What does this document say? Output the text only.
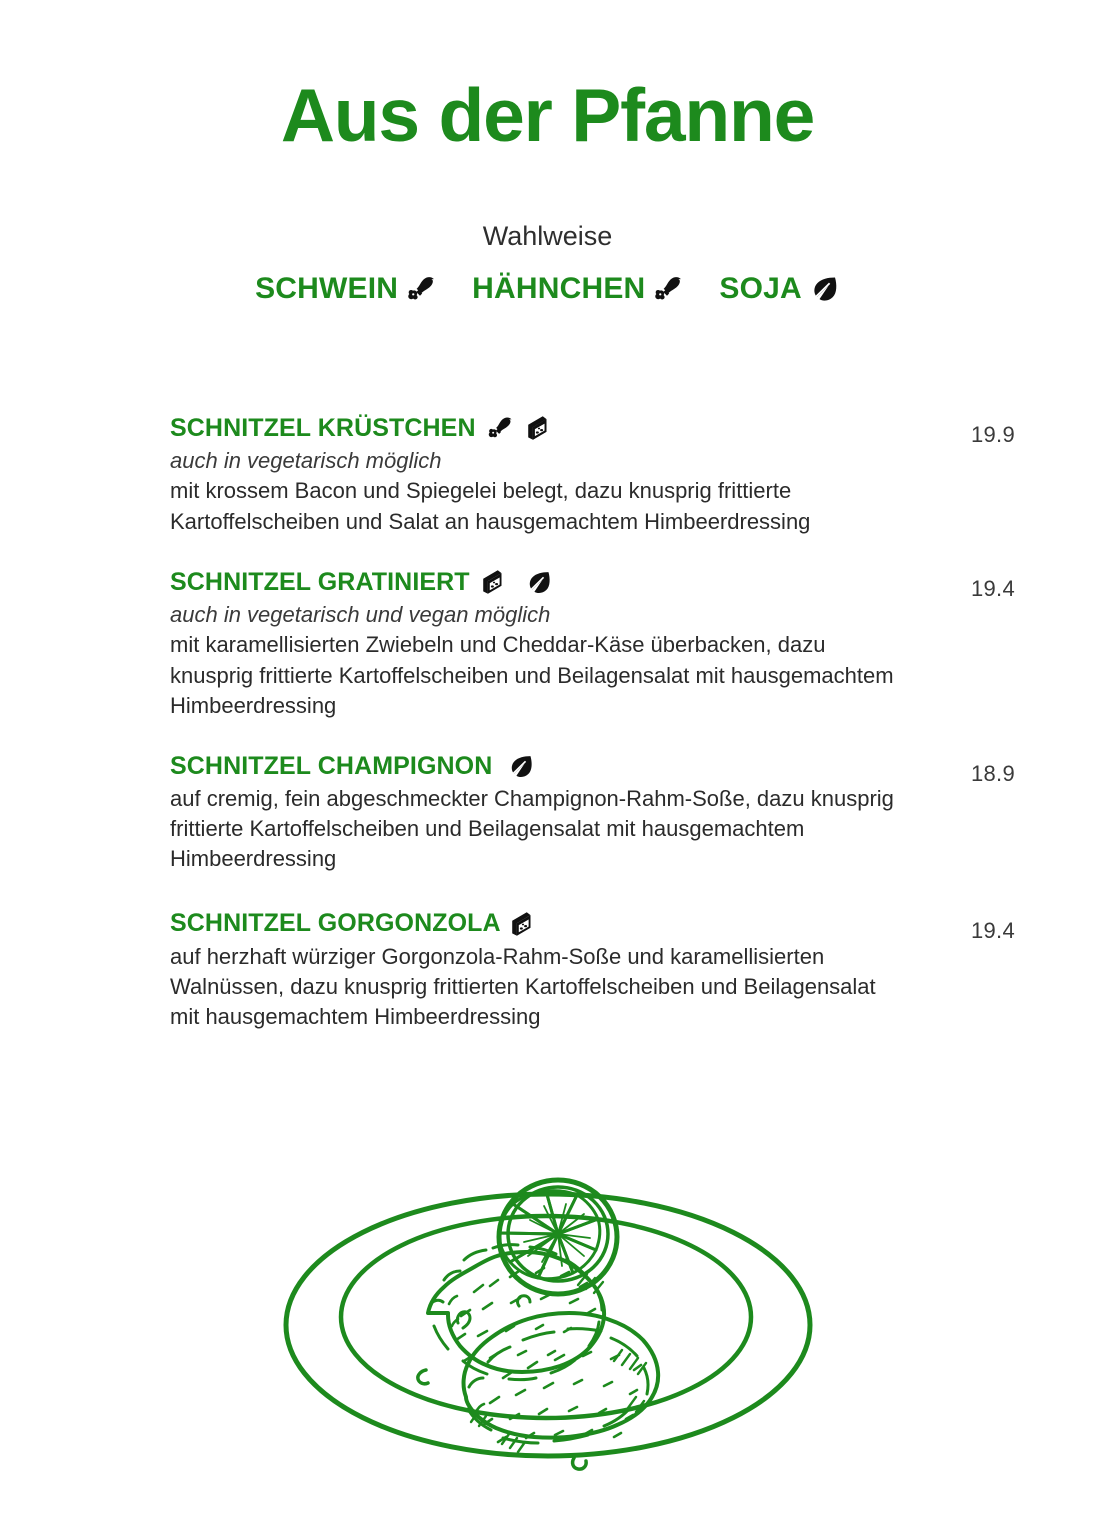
Aus der Pfanne
Wahlweise
SCHWEIN HÄHNCHEN SOJA
SCHNITZEL KRÜSTCHEN
auch in vegetarisch möglich
mit krossem Bacon und Spiegelei belegt, dazu knusprig frittierte Kartoffelscheiben und Salat an hausgemachtem Himbeerdressing
19.9
SCHNITZEL GRATINIERT
auch in vegetarisch und vegan möglich
mit karamellisierten Zwiebeln und Cheddar-Käse überbacken, dazu knusprig frittierte Kartoffelscheiben und Beilagensalat mit hausgemachtem Himbeerdressing
19.4
SCHNITZEL CHAMPIGNON
auf cremig, fein abgeschmeckter Champignon-Rahm-Soße, dazu knusprig frittierte Kartoffelscheiben und Beilagensalat mit hausgemachtem Himbeerdressing
18.9
SCHNITZEL GORGONZOLA
auf herzhaft würziger Gorgonzola-Rahm-Soße und karamellisierten Walnüssen, dazu knusprig frittierten Kartoffelscheiben und Beilagensalat mit hausgemachtem Himbeerdressing
19.4
